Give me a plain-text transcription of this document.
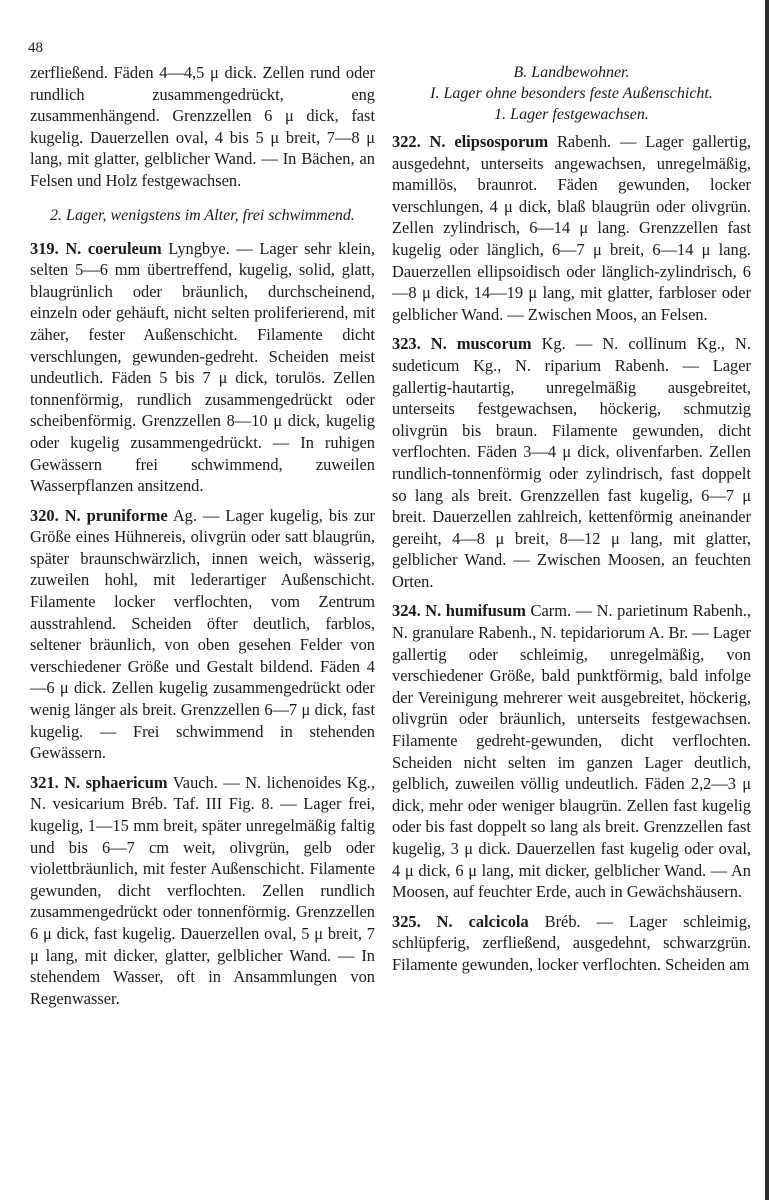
48

zerfließend. Fäden 4—4,5 μ dick. Zellen rund oder rundlich zusammengedrückt, eng zusammenhängend. Grenzzellen 6 μ dick, fast kugelig. Dauerzellen oval, 4 bis 5 μ breit, 7—8 μ lang, mit glatter, gelblicher Wand. — In Bächen, an Felsen und Holz festgewachsen.

2. Lager, wenigstens im Alter, frei schwimmend.

319. N. coeruleum Lyngbye. — Lager sehr klein, selten 5—6 mm übertreffend, kugelig, solid, glatt, blaugrünlich oder bräunlich, durchscheinend, einzeln oder gehäuft, nicht selten proliferierend, mit zäher, fester Außenschicht. Filamente dicht verschlungen, gewunden-gedreht. Scheiden meist undeutlich. Fäden 5 bis 7 μ dick, torulös. Zellen tonnenförmig, rundlich zusammengedrückt oder scheibenförmig. Grenzzellen 8—10 μ dick, kugelig oder kugelig zusammengedrückt. — In ruhigen Gewässern frei schwimmend, zuweilen Wasserpflanzen ansitzend.

320. N. pruniforme Ag. — Lager kugelig, bis zur Größe eines Hühnereis, olivgrün oder satt blaugrün, später braunschwärzlich, innen weich, wässerig, zuweilen hohl, mit lederartiger Außenschicht. Filamente locker verflochten, vom Zentrum ausstrahlend. Scheiden öfter deutlich, farblos, seltener bräunlich, von oben gesehen Felder von verschiedener Größe und Gestalt bildend. Fäden 4—6 μ dick. Zellen kugelig zusammengedrückt oder wenig länger als breit. Grenzzellen 6—7 μ dick, fast kugelig. — Frei schwimmend in stehenden Gewässern.

321. N. sphaericum Vauch. — N. lichenoides Kg., N. vesicarium Bréb. Taf. III Fig. 8. — Lager frei, kugelig, 1—15 mm breit, später unregelmäßig faltig und bis 6—7 cm weit, olivgrün, gelb oder violettbräunlich, mit fester Außenschicht. Filamente gewunden, dicht verflochten. Zellen rundlich zusammengedrückt oder tonnenförmig. Grenzzellen 6 μ dick, fast kugelig. Dauerzellen oval, 5 μ breit, 7 μ lang, mit dicker, glatter, gelblicher Wand. — In stehendem Wasser, oft in Ansammlungen von Regenwasser.

B. Landbewohner.
I. Lager ohne besonders feste Außenschicht.
1. Lager festgewachsen.

322. N. elipsosporum Rabenh. — Lager gallertig, ausgedehnt, unterseits angewachsen, unregelmäßig, mamillös, braunrot. Fäden gewunden, locker verschlungen, 4 μ dick, blaß blaugrün oder olivgrün. Zellen zylindrisch, 6—14 μ lang. Grenzzellen fast kugelig oder länglich, 6—7 μ breit, 6—14 μ lang. Dauerzellen ellipsoidisch oder länglich-zylindrisch, 6—8 μ dick, 14—19 μ lang, mit glatter, farbloser oder gelblicher Wand. — Zwischen Moos, an Felsen.

323. N. muscorum Kg. — N. collinum Kg., N. sudeticum Kg., N. riparium Rabenh. — Lager gallertig-hautartig, unregelmäßig ausgebreitet, unterseits festgewachsen, höckerig, schmutzig olivgrün bis braun. Filamente gewunden, dicht verflochten. Fäden 3—4 μ dick, olivenfarben. Zellen rundlich-tonnenförmig oder zylindrisch, fast doppelt so lang als breit. Grenzzellen fast kugelig, 6—7 μ breit. Dauerzellen zahlreich, kettenförmig aneinander gereiht, 4—8 μ breit, 8—12 μ lang, mit glatter, gelblicher Wand. — Zwischen Moosen, an feuchten Orten.

324. N. humifusum Carm. — N. parietinum Rabenh., N. granulare Rabenh., N. tepidariorum A. Br. — Lager gallertig oder schleimig, unregelmäßig, von verschiedener Größe, bald punktförmig, bald infolge der Vereinigung mehrerer weit ausgebreitet, höckerig, olivgrün oder bräunlich, unterseits festgewachsen. Filamente gedreht-gewunden, dicht verflochten. Scheiden nicht selten im ganzen Lager deutlich, gelblich, zuweilen völlig undeutlich. Fäden 2,2—3 μ dick, mehr oder weniger blaugrün. Zellen fast kugelig oder bis fast doppelt so lang als breit. Grenzzellen fast kugelig, 3 μ dick. Dauerzellen fast kugelig oder oval, 4 μ dick, 6 μ lang, mit dicker, gelblicher Wand. — An Moosen, auf feuchter Erde, auch in Gewächshäusern.

325. N. calcicola Bréb. — Lager schleimig, schlüpferig, zerfließend, ausgedehnt, schwarzgrün. Filamente gewunden, locker verflochten. Scheiden am
